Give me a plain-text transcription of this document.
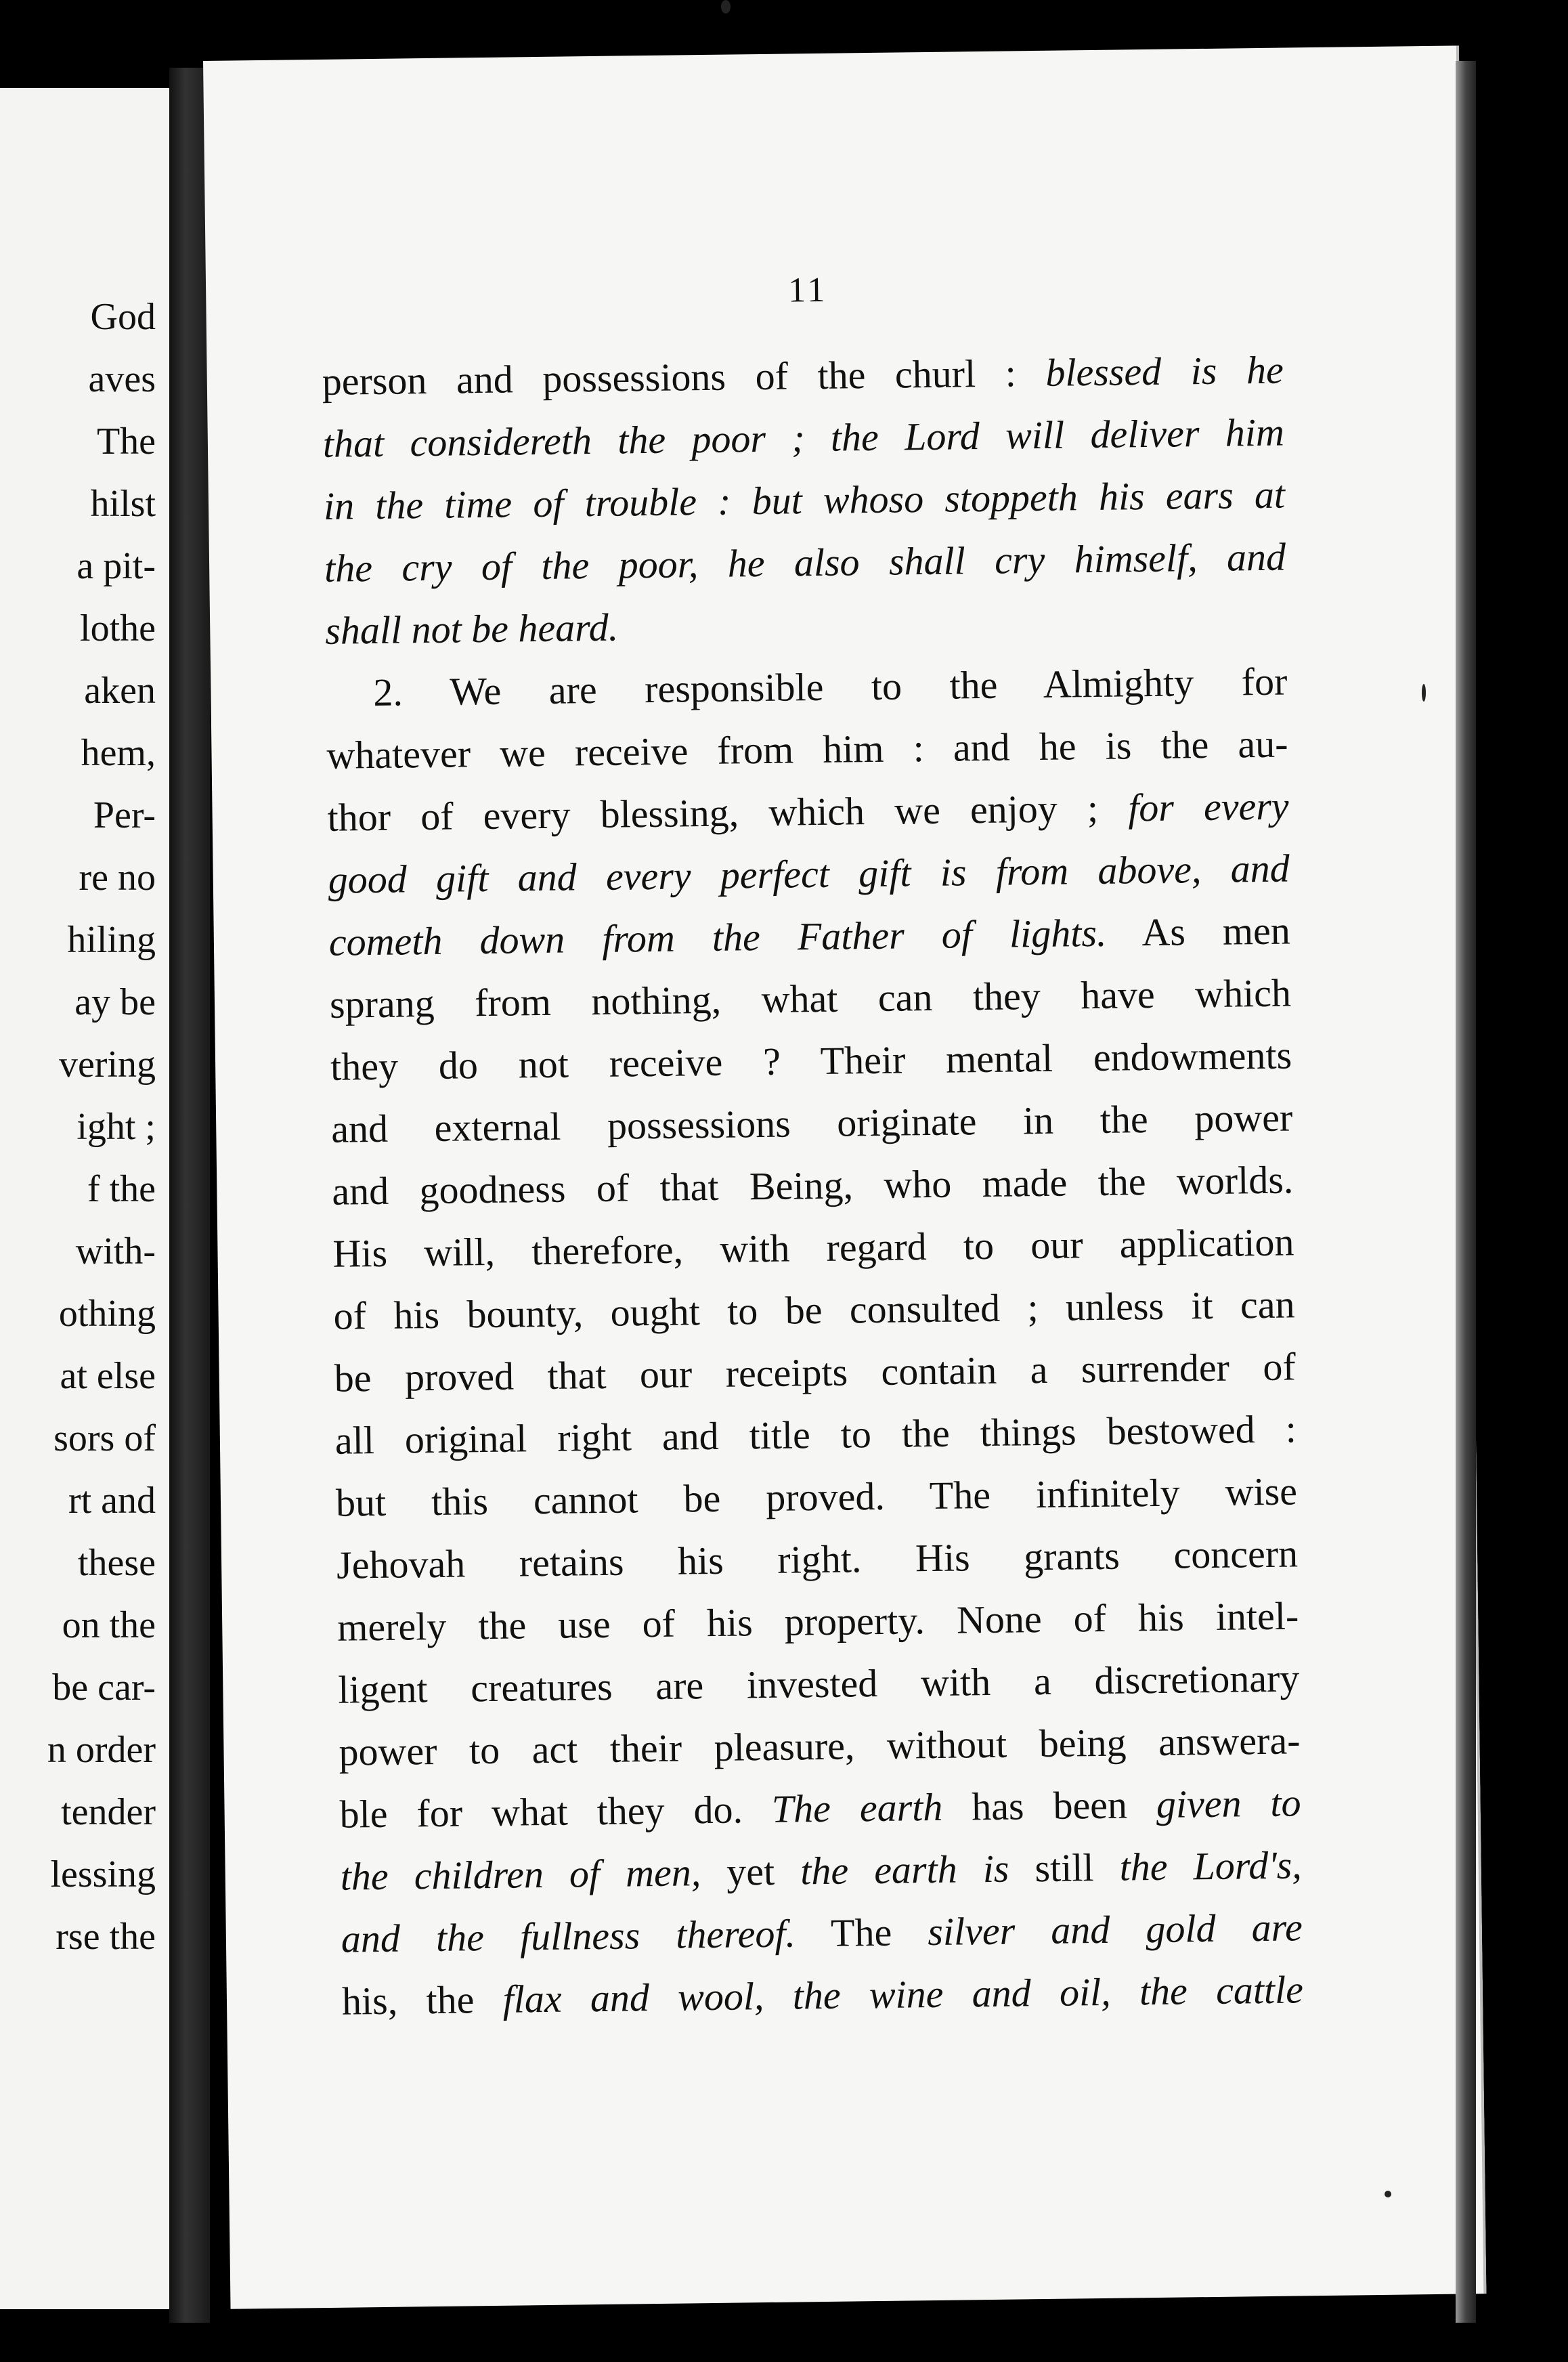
God
aves
The
hilst
a pit-
lothe
aken
hem,
Per-
re no
hiling
ay be
vering
ight ;
f the
with-
othing
at else
sors of
rt and
these
on the
be car-
n order
tender
lessing
rse the
11
person and possessions of the churl : blessed is he
that considereth the poor ; the Lord will deliver him
in the time of trouble : but whoso stoppeth his ears at
the cry of the poor, he also shall cry himself, and
shall not be heard.
2. We are responsible to the Almighty for
whatever we receive from him : and he is the au-
thor of every blessing, which we enjoy ; for every
good gift and every perfect gift is from above, and
cometh down from the Father of lights. As men
sprang from nothing, what can they have which
they do not receive ? Their mental endowments
and external possessions originate in the power
and goodness of that Being, who made the worlds.
His will, therefore, with regard to our application
of his bounty, ought to be consulted ; unless it can
be proved that our receipts contain a surrender of
all original right and title to the things bestowed :
but this cannot be proved. The infinitely wise
Jehovah retains his right. His grants concern
merely the use of his property. None of his intel-
ligent creatures are invested with a discretionary
power to act their pleasure, without being answera-
ble for what they do. The earth has been given to
the children of men, yet the earth is still the Lord's,
and the fullness thereof. The silver and gold are
his, the flax and wool, the wine and oil, the cattle
